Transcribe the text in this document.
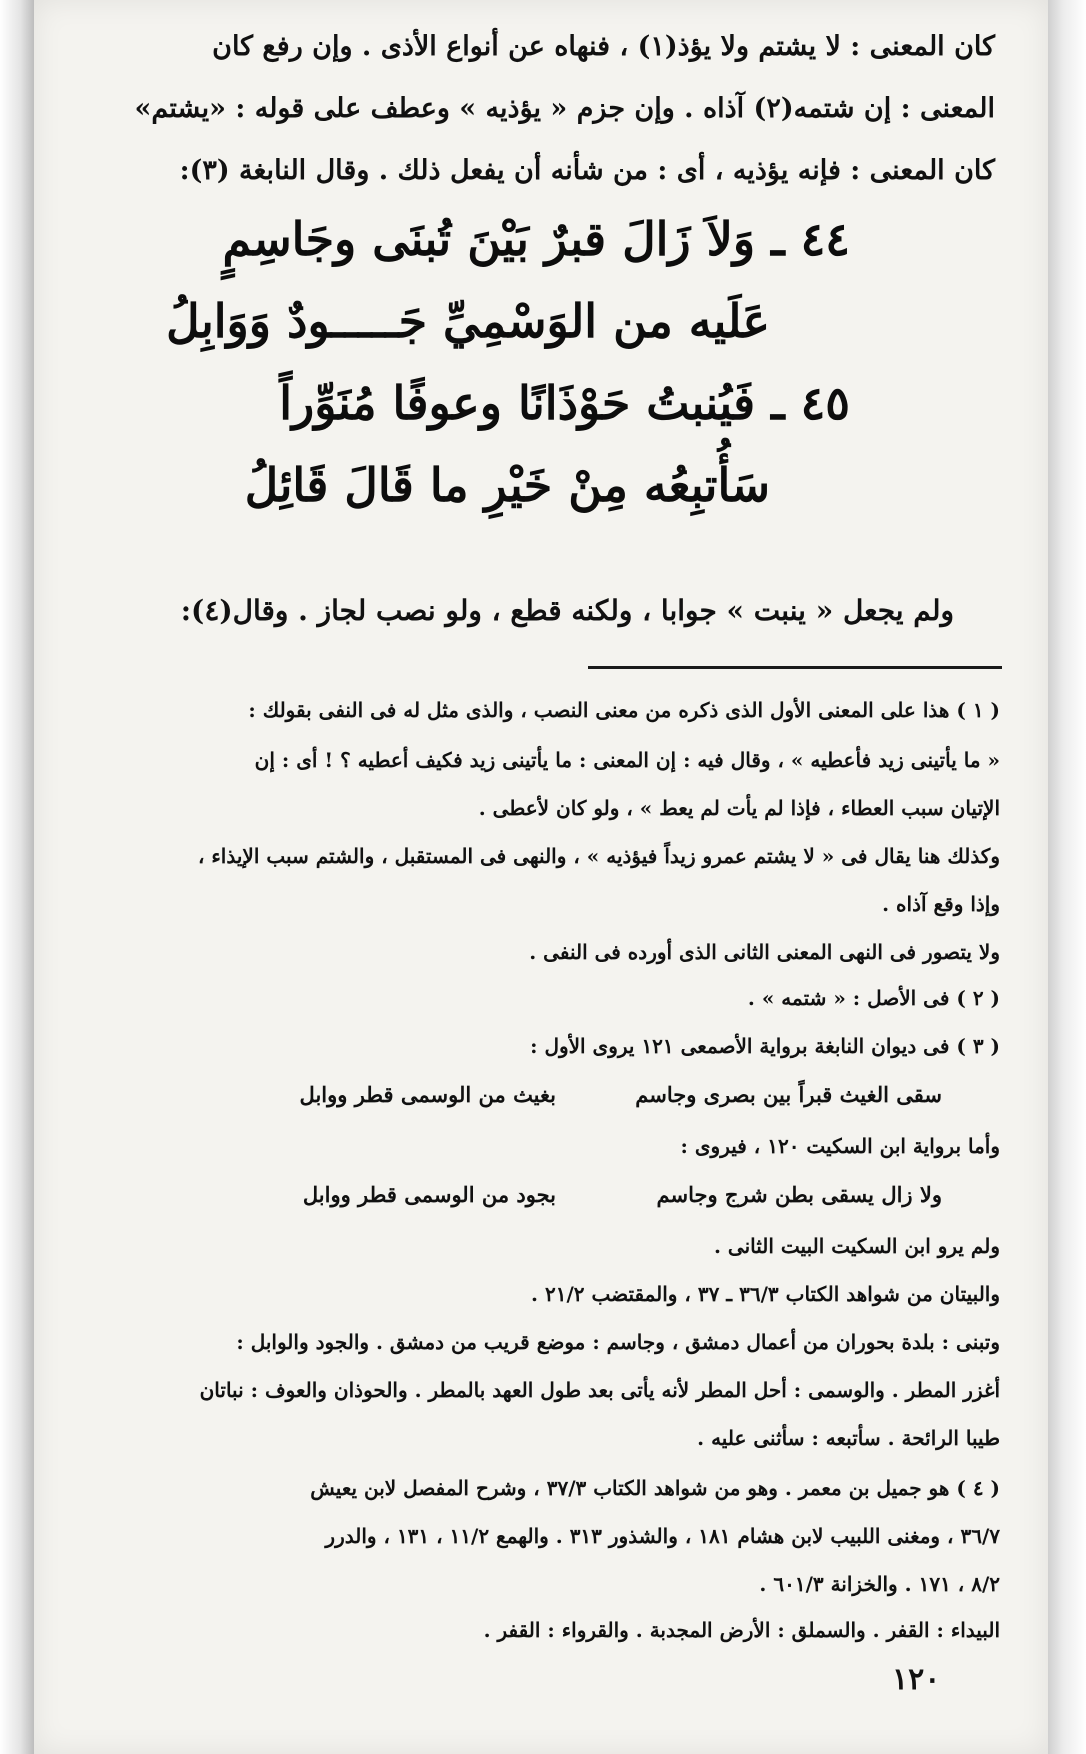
كان المعنى : لا يشتم ولا يؤذ(١) ، فنهاه عن أنواع الأذى . وإن رفع كان
المعنى : إن شتمه(٢) آذاه . وإن جزم « يؤذيه » وعطف على قوله : «يشتم»
كان المعنى : فإنه يؤذيه ، أى : من شأنه أن يفعل ذلك . وقال النابغة (٣):
٤٤ ـ وَلاَ زَالَ قبرٌ بَيْنَ تُبنَى وجَاسِمٍ
عَلَيه من الوَسْمِيِّ جَـــــودٌ وَوَابِلُ
٤٥ ـ فَيُنبتُ حَوْذَانًا وعوفًا مُنَوِّراً
سَأُتبِعُه مِنْ خَيْرِ ما قَالَ قَائِلُ
ولم يجعل « ينبت » جوابا ، ولكنه قطع ، ولو نصب لجاز . وقال(٤):
( ١ ) هذا على المعنى الأول الذى ذكره من معنى النصب ، والذى مثل له فى النفى بقولك :
« ما يأتينى زيد فأعطيه » ، وقال فيه : إن المعنى : ما يأتينى زيد فكيف أعطيه ؟ ! أى : إن
الإتيان سبب العطاء ، فإذا لم يأت لم يعط » ، ولو كان لأعطى .
وكذلك هنا يقال فى « لا يشتم عمرو زيداً فيؤذيه » ، والنهى فى المستقبل ، والشتم سبب الإيذاء ،
وإذا وقع آذاه .
ولا يتصور فى النهى المعنى الثانى الذى أورده فى النفى .
( ٢ ) فى الأصل : « شتمه » .
( ٣ ) فى ديوان النابغة برواية الأصمعى ١٢١ يروى الأول :
سقى الغيث قبراً بين بصرى وجاسم
بغيث من الوسمى قطر ووابل
وأما برواية ابن السكيت ١٢٠ ، فيروى :
ولا زال يسقى بطن شرج وجاسم
بجود من الوسمى قطر ووابل
ولم يرو ابن السكيت البيت الثانى .
والبيتان من شواهد الكتاب ٣٦/٣ ـ ٣٧ ، والمقتضب ٢١/٢ .
وتبنى : بلدة بحوران من أعمال دمشق ، وجاسم : موضع قريب من دمشق . والجود والوابل :
أغزر المطر . والوسمى : أحل المطر لأنه يأتى بعد طول العهد بالمطر . والحوذان والعوف : نباتان
طيبا الرائحة . سأتبعه : سأثنى عليه .
( ٤ ) هو جميل بن معمر . وهو من شواهد الكتاب ٣٧/٣ ، وشرح المفصل لابن يعيش
٣٦/٧ ، ومغنى اللبيب لابن هشام ١٨١ ، والشذور ٣١٣ . والهمع ١١/٢ ، ١٣١ ، والدرر
٨/٢ ، ١٧١ . والخزانة ٦٠١/٣ .
البيداء : القفر . والسملق : الأرض المجدبة . والقرواء : القفر .
١٢٠
